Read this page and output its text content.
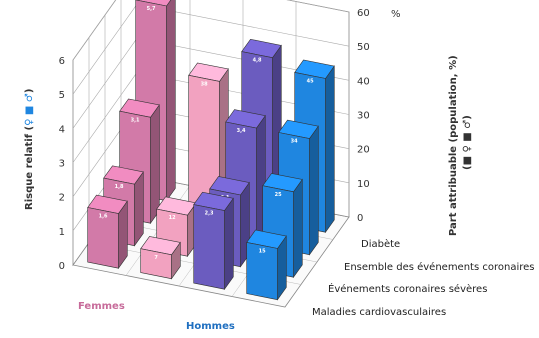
5,7
38
4,8
45
3,1
3,4
34
1,8
12
25
1,6
7
2,3
15
Risque relatif (♀ ■ ♂)	Part attribuable (population, %) (■ ♀ ■ ♂)
%
Femmes
Hommes
Diabète
Ensemble des événements coronaires
Événements coronaires sévères
Maladies cardiovasculaires
0
1
2
3
4
5
6
0
10
20
30
40
50
60
